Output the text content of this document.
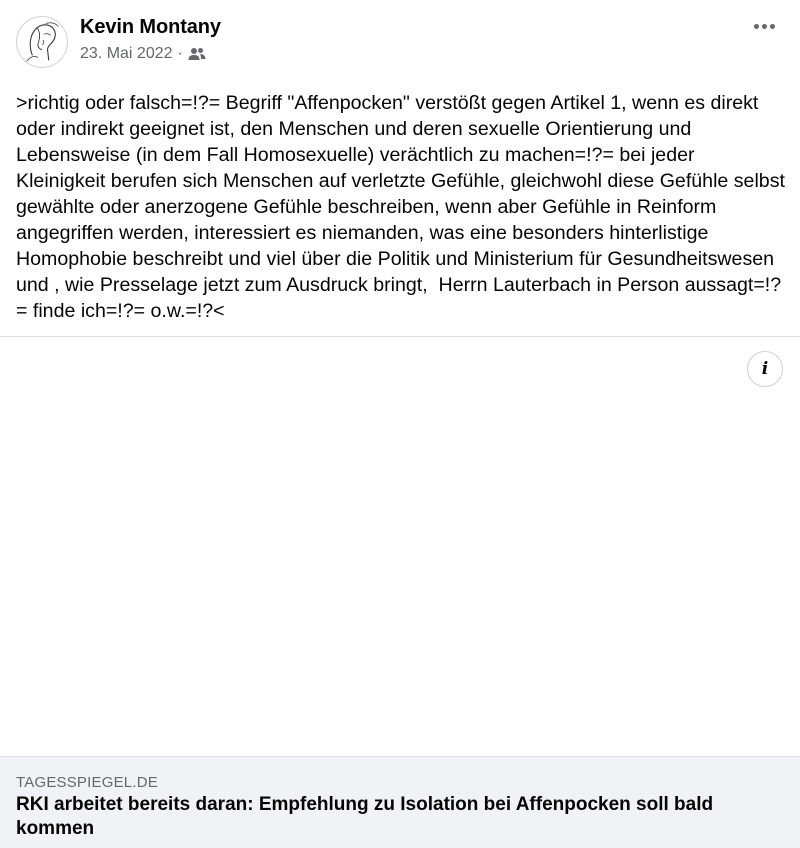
Kevin Montany
23. Mai 2022 ·
>richtig oder falsch=!?= Begriff "Affenpocken" verstößt gegen Artikel 1, wenn es direkt oder indirekt geeignet ist, den Menschen und deren sexuelle Orientierung und Lebensweise (in dem Fall Homosexuelle) verächtlich zu machen=!?= bei jeder Kleinigkeit berufen sich Menschen auf verletzte Gefühle, gleichwohl diese Gefühle selbst gewählte oder anerzogene Gefühle beschreiben, wenn aber Gefühle in Reinform angegriffen werden, interessiert es niemanden, was eine besonders hinterlistige  Homophobie beschreibt und viel über die Politik und Ministerium für Gesundheitswesen und , wie Presselage jetzt zum Ausdruck bringt,  Herrn Lauterbach in Person aussagt=!?= finde ich=!?= o.w.=!?<
i
TAGESSPIEGEL.DE
RKI arbeitet bereits daran: Empfehlung zu Isolation bei Affenpocken soll bald kommen
